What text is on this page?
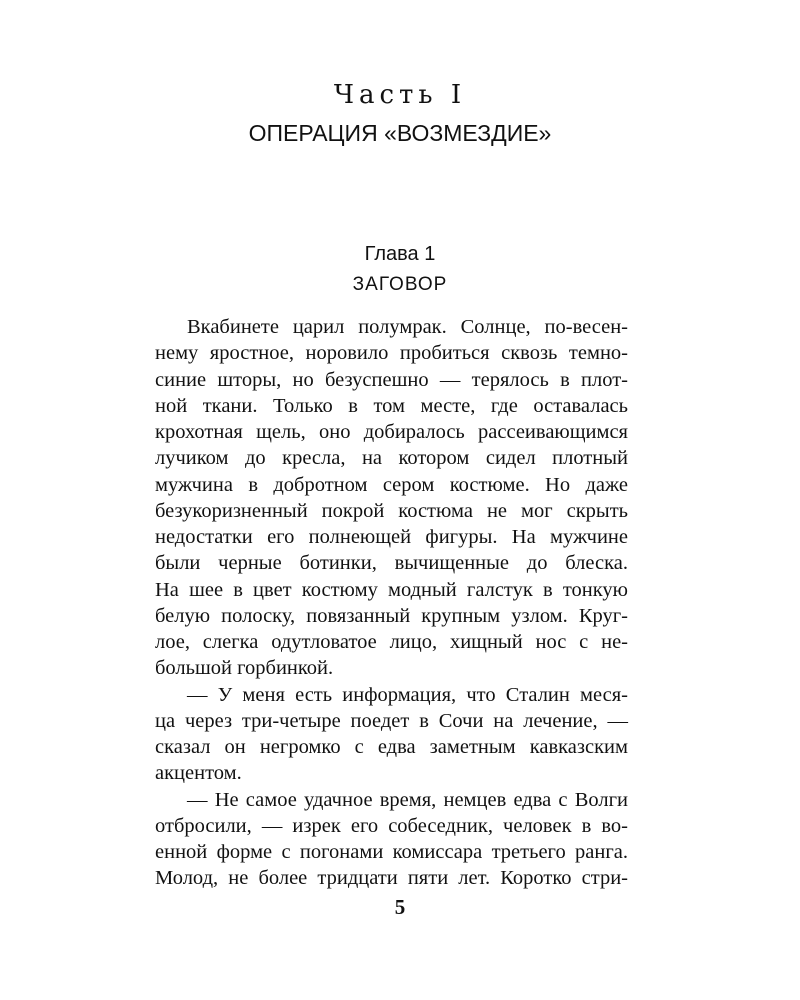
Часть I
ОПЕРАЦИЯ «ВОЗМЕЗДИЕ»
Глава 1
ЗАГОВОР
Вкабинете царил полумрак. Солнце, по-весен-
нему яростное, норовило пробиться сквозь темно-
синие шторы, но безуспешно — терялось в плот-
ной ткани. Только в том месте, где оставалась
крохотная щель, оно добиралось рассеивающимся
лучиком до кресла, на котором сидел плотный
мужчина в добротном сером костюме. Но даже
безукоризненный покрой костюма не мог скрыть
недостатки его полнеющей фигуры. На мужчине
были черные ботинки, вычищенные до блеска.
На шее в цвет костюму модный галстук в тонкую
белую полоску, повязанный крупным узлом. Круг-
лое, слегка одутловатое лицо, хищный нос с не-
большой горбинкой.
— У меня есть информация, что Сталин меся-
ца через три-четыре поедет в Сочи на лечение, —
сказал он негромко с едва заметным кавказским
акцентом.
— Не самое удачное время, немцев едва с Волги
отбросили, — изрек его собеседник, человек в во-
енной форме с погонами комиссара третьего ранга.
Молод, не более тридцати пяти лет. Коротко стри-
5
